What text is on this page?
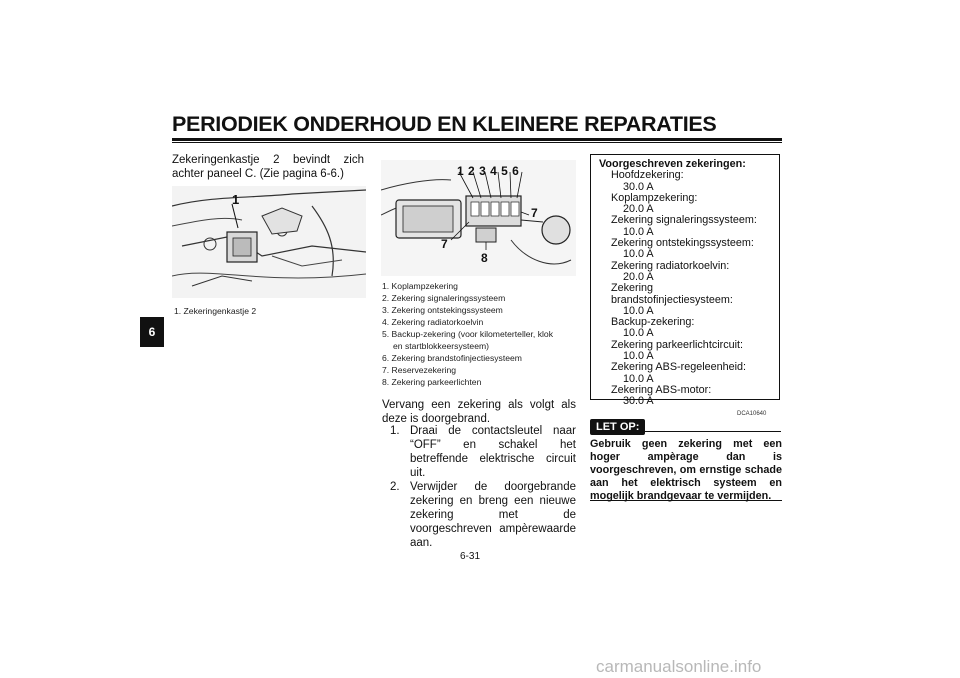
PERIODIEK ONDERHOUD EN KLEINERE REPARATIES
6
Zekeringenkastje 2 bevindt zich achter paneel C. (Zie pagina 6-6.)
1
1. Zekeringenkastje 2
1 2 3 4 5 6
7
7
8
1. Koplampzekering
2. Zekering signaleringssysteem
3. Zekering ontstekingssysteem
4. Zekering radiatorkoelvin
5. Backup-zekering (voor kilometerteller, klok
en startblokkeersysteem)
6. Zekering brandstofinjectiesysteem
7. Reservezekering
8. Zekering parkeerlichten
Vervang een zekering als volgt als deze is doorgebrand.
1. Draai de contactsleutel naar “OFF” en schakel het betreffende elektrische circuit uit.
2. Verwijder de doorgebrande zekering en breng een nieuwe zekering met de voorgeschreven ampèrewaarde aan.
Voorgeschreven zekeringen:
Hoofdzekering:
30.0 A
Koplampzekering:
20.0 A
Zekering signaleringssysteem:
10.0 A
Zekering ontstekingssysteem:
10.0 A
Zekering radiatorkoelvin:
20.0 A
Zekering brandstofinjectiesysteem:
10.0 A
Backup-zekering:
10.0 A
Zekering parkeerlichtcircuit:
10.0 A
Zekering ABS-regeleenheid:
10.0 A
Zekering ABS-motor:
30.0 A
DCA10640
LET OP:
Gebruik geen zekering met een hoger ampèrage dan is voorgeschreven, om ernstige schade aan het elektrisch systeem en mogelijk brandgevaar te vermijden.
6-31
carmanualsonline.info
